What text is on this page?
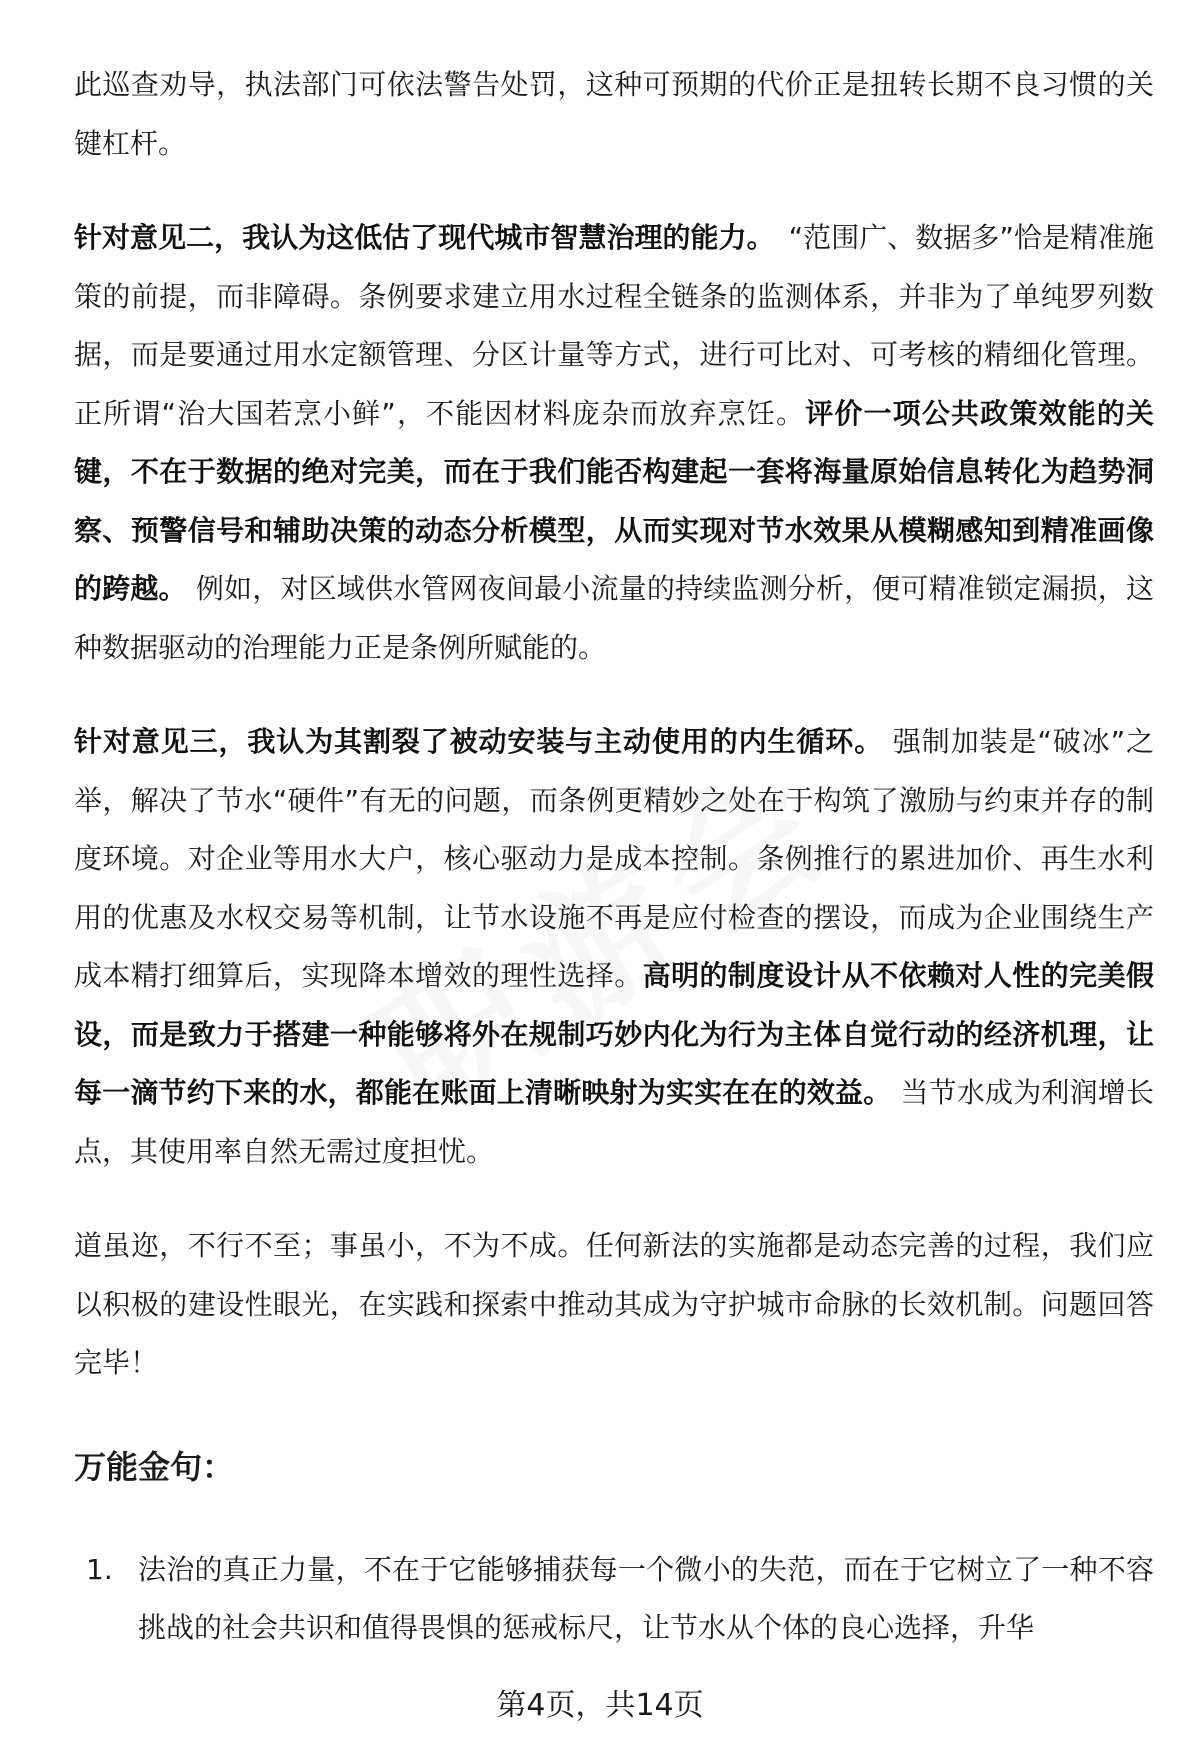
此巡查劝导，执法部门可依法警告处罚，这种可预期的代价正是扭转长期不良习惯的关键杠杆。

针对意见二，我认为这低估了现代城市智慧治理的能力。　“范围广、数据多”恰是精准施策的前提，而非障碍。条例要求建立用水过程全链条的监测体系，并非为了单纯罗列数据，而是要通过用水定额管理、分区计量等方式，进行可比对、可考核的精细化管理。正所谓“治大国若烹小鲜”，不能因材料庞杂而放弃烹饪。评价一项公共政策效能的关键，不在于数据的绝对完美，而在于我们能否构建起一套将海量原始信息转化为趋势洞察、预警信号和辅助决策的动态分析模型，从而实现对节水效果从模糊感知到精准画像的跨越。 例如，对区域供水管网夜间最小流量的持续监测分析，便可精准锁定漏损，这种数据驱动的治理能力正是条例所赋能的。

针对意见三，我认为其割裂了被动安装与主动使用的内生循环。 强制加装是“破冰”之举，解决了节水“硬件”有无的问题，而条例更精妙之处在于构筑了激励与约束并存的制度环境。对企业等用水大户，核心驱动力是成本控制。条例推行的累进加价、再生水利用的优惠及水权交易等机制，让节水设施不再是应付检查的摆设，而成为企业围绕生产成本精打细算后，实现降本增效的理性选择。高明的制度设计从不依赖对人性的完美假设，而是致力于搭建一种能够将外在规制巧妙内化为行为主体自觉行动的经济机理，让每一滴节约下来的水，都能在账面上清晰映射为实实在在的效益。 当节水成为利润增长点，其使用率自然无需过度担忧。

道虽迩，不行不至；事虽小，不为不成。任何新法的实施都是动态完善的过程，我们应以积极的建设性眼光，在实践和探索中推动其成为守护城市命脉的长效机制。问题回答完毕！

万能金句：
1. 法治的真正力量，不在于它能够捕获每一个微小的失范，而在于它树立了一种不容挑战的社会共识和值得畏惧的惩戒标尺，让节水从个体的良心选择，升华
第4页，共14页
